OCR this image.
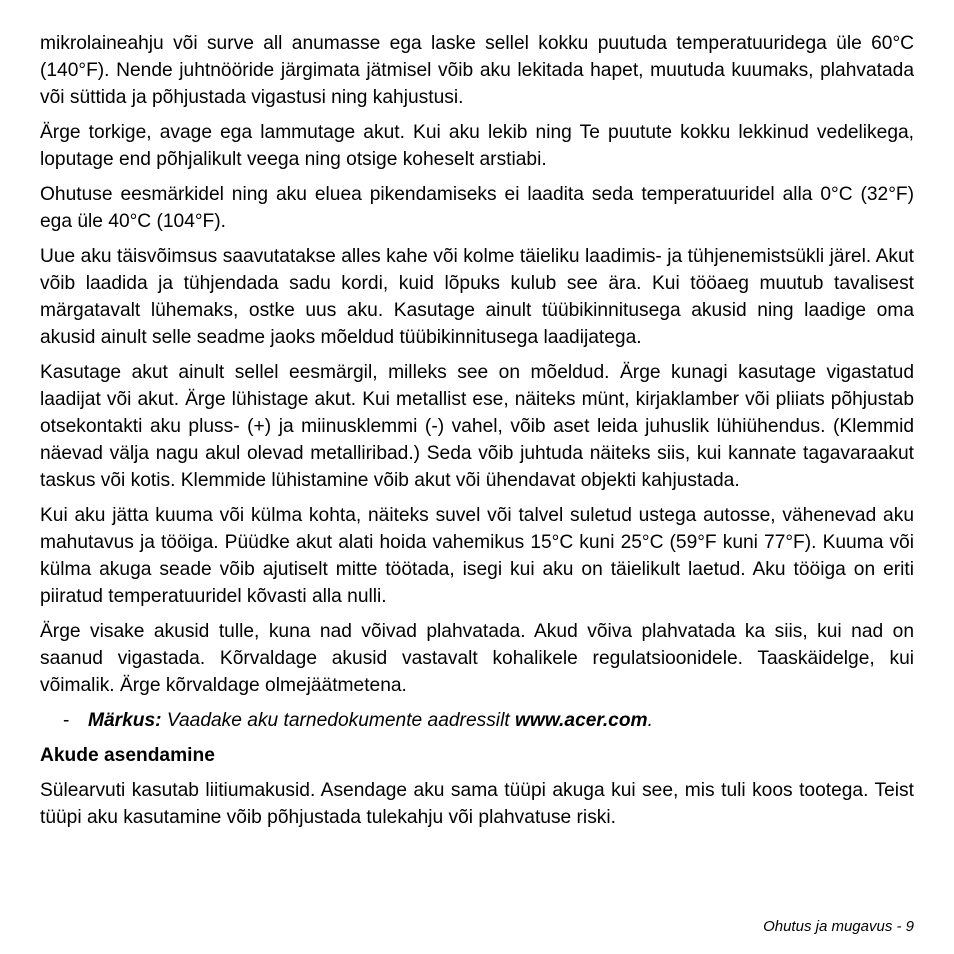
mikrolaineahju või surve all anumasse ega laske sellel kokku puutuda temperatuuridega üle 60°C (140°F). Nende juhtnööride järgimata jätmisel võib aku lekitada hapet, muutuda kuumaks, plahvatada või süttida ja põhjustada vigastusi ning kahjustusi.

Ärge torkige, avage ega lammutage akut. Kui aku lekib ning Te puutute kokku lekkinud vedelikega, loputage end põhjalikult veega ning otsige koheselt arstiabi.

Ohutuse eesmärkidel ning aku eluea pikendamiseks ei laadita seda temperatuuridel alla 0°C (32°F) ega üle 40°C (104°F).

Uue aku täisvõimsus saavutatakse alles kahe või kolme täieliku laadimis- ja tühjenemistsükli järel. Akut võib laadida ja tühjendada sadu kordi, kuid lõpuks kulub see ära. Kui tööaeg muutub tavalisest märgatavalt lühemaks, ostke uus aku. Kasutage ainult tüübikinnitusega akusid ning laadige oma akusid ainult selle seadme jaoks mõeldud tüübikinnitusega laadijatega.

Kasutage akut ainult sellel eesmärgil, milleks see on mõeldud. Ärge kunagi kasutage vigastatud laadijat või akut. Ärge lühistage akut. Kui metallist ese, näiteks münt, kirjaklamber või pliiats põhjustab otsekontakti aku pluss- (+) ja miinusklemmi (-) vahel, võib aset leida juhuslik lühiühendus. (Klemmid näevad välja nagu akul olevad metalliribad.) Seda võib juhtuda näiteks siis, kui kannate tagavaraakut taskus või kotis. Klemmide lühistamine võib akut või ühendavat objekti kahjustada.

Kui aku jätta kuuma või külma kohta, näiteks suvel või talvel suletud ustega autosse, vähenevad aku mahutavus ja tööiga. Püüdke akut alati hoida vahemikus 15°C kuni 25°C (59°F kuni 77°F). Kuuma või külma akuga seade võib ajutiselt mitte töötada, isegi kui aku on täielikult laetud. Aku tööiga on eriti piiratud temperatuuridel kõvasti alla nulli.

Ärge visake akusid tulle, kuna nad võivad plahvatada. Akud võiva plahvatada ka siis, kui nad on saanud vigastada. Kõrvaldage akusid vastavalt kohalikele regulatsioonidele. Taaskäidelge, kui võimalik. Ärge kõrvaldage olmejäätmetena.

- Märkus: Vaadake aku tarnedokumente aadressilt www.acer.com.
Akude asendamine

Sülearvuti kasutab liitiumakusid. Asendage aku sama tüüpi akuga kui see, mis tuli koos tootega. Teist tüüpi aku kasutamine võib põhjustada tulekahju või plahvatuse riski.

Ohutus ja mugavus - 9
